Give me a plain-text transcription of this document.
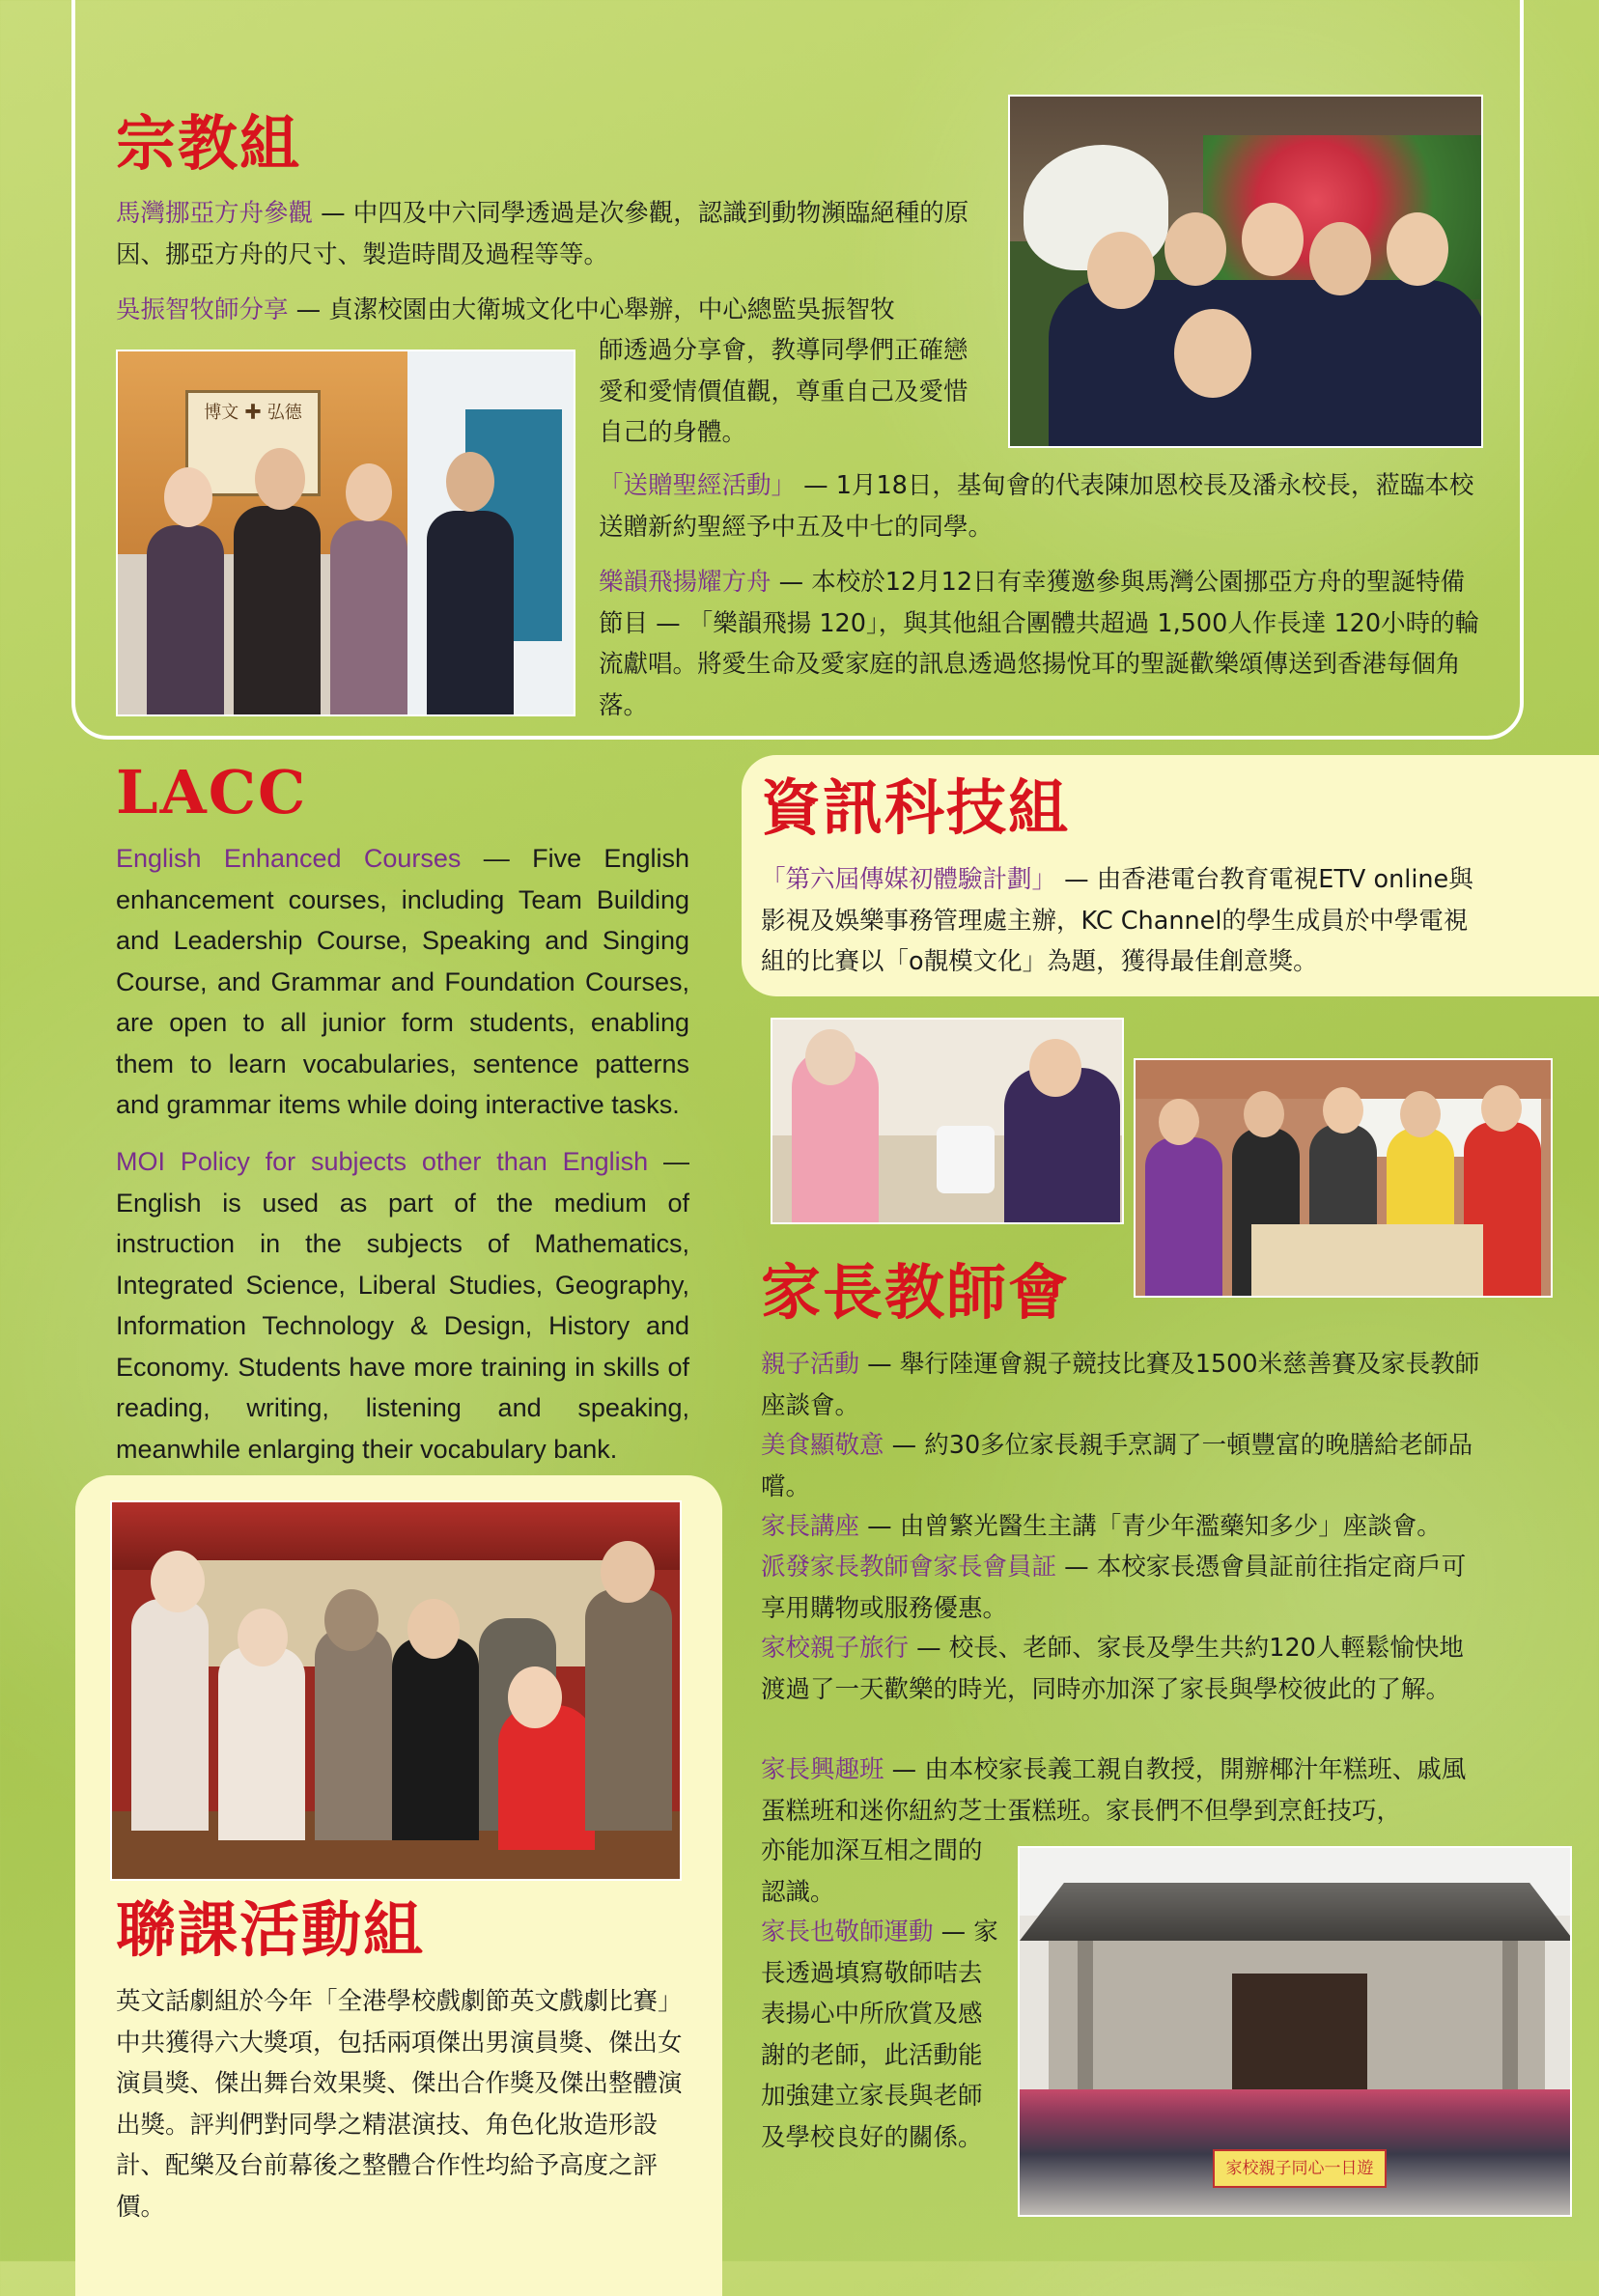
宗教組

馬灣挪亞方舟參觀 — 中四及中六同學透過是次參觀，認識到動物瀕臨絕種的原因、挪亞方舟的尺寸、製造時間及過程等等。

吳振智牧師分享 — 貞潔校園由大衛城文化中心舉辦，中心總監吳振智牧

師透過分享會，教導同學們正確戀愛和愛情價值觀，尊重自己及愛惜自己的身體。

「送贈聖經活動」 — 1月18日，基甸會的代表陳加恩校長及潘永校長，蒞臨本校送贈新約聖經予中五及中七的同學。

樂韻飛揚耀方舟 — 本校於12月12日有幸獲邀參與馬灣公園挪亞方舟的聖誕特備節目 — 「樂韻飛揚 120」，與其他組合團體共超過 1,500人作長達 120小時的輪流獻唱。將愛生命及愛家庭的訊息透過悠揚悅耳的聖誕歡樂頌傳送到香港每個角落。

博文 ✚ 弘德
LACC

English Enhanced Courses — Five English enhancement courses, including Team Building and Leadership Course, Speaking and Singing Course, and Grammar and Foundation Courses, are open to all junior form students, enabling them to learn vocabularies, sentence patterns and grammar items while doing interactive tasks.

MOI Policy for subjects other than English — English is used as part of the medium of instruction in the subjects of Mathematics, Integrated Science, Liberal Studies, Geography, Information Technology & Design, History and Economy. Students have more training in skills of reading, writing, listening and speaking, meanwhile enlarging their vocabulary bank.

資訊科技組

「第六屆傳媒初體驗計劃」 — 由香港電台教育電視ETV online與影視及娛樂事務管理處主辦，KC Channel的學生成員於中學電視組的比賽以「o靚模文化」為題，獲得最佳創意獎。

家長教師會

親子活動 — 舉行陸運會親子競技比賽及1500米慈善賽及家長教師座談會。

美食顯敬意 — 約30多位家長親手烹調了一頓豐富的晚膳給老師品嚐。

家長講座 — 由曾繁光醫生主講「青少年濫藥知多少」座談會。

派發家長教師會家長會員証 — 本校家長憑會員証前往指定商戶可享用購物或服務優惠。

家校親子旅行 — 校長、老師、家長及學生共約120人輕鬆愉快地渡過了一天歡樂的時光，同時亦加深了家長與學校彼此的了解。

家長興趣班 — 由本校家長義工親自教授，開辦椰汁年糕班、戚風蛋糕班和迷你紐約芝士蛋糕班。家長們不但學到烹飪技巧，

亦能加深互相之間的認識。

家長也敬師運動 — 家長透過填寫敬師咭去表揚心中所欣賞及感謝的老師，此活動能加強建立家長與老師及學校良好的關係。

家校親子同心一日遊
聯課活動組

英文話劇組於今年「全港學校戲劇節英文戲劇比賽」中共獲得六大獎項，包括兩項傑出男演員獎、傑出女演員獎、傑出舞台效果獎、傑出合作獎及傑出整體演出獎。評判們對同學之精湛演技、角色化妝造形設計、配樂及台前幕後之整體合作性均給予高度之評價。
